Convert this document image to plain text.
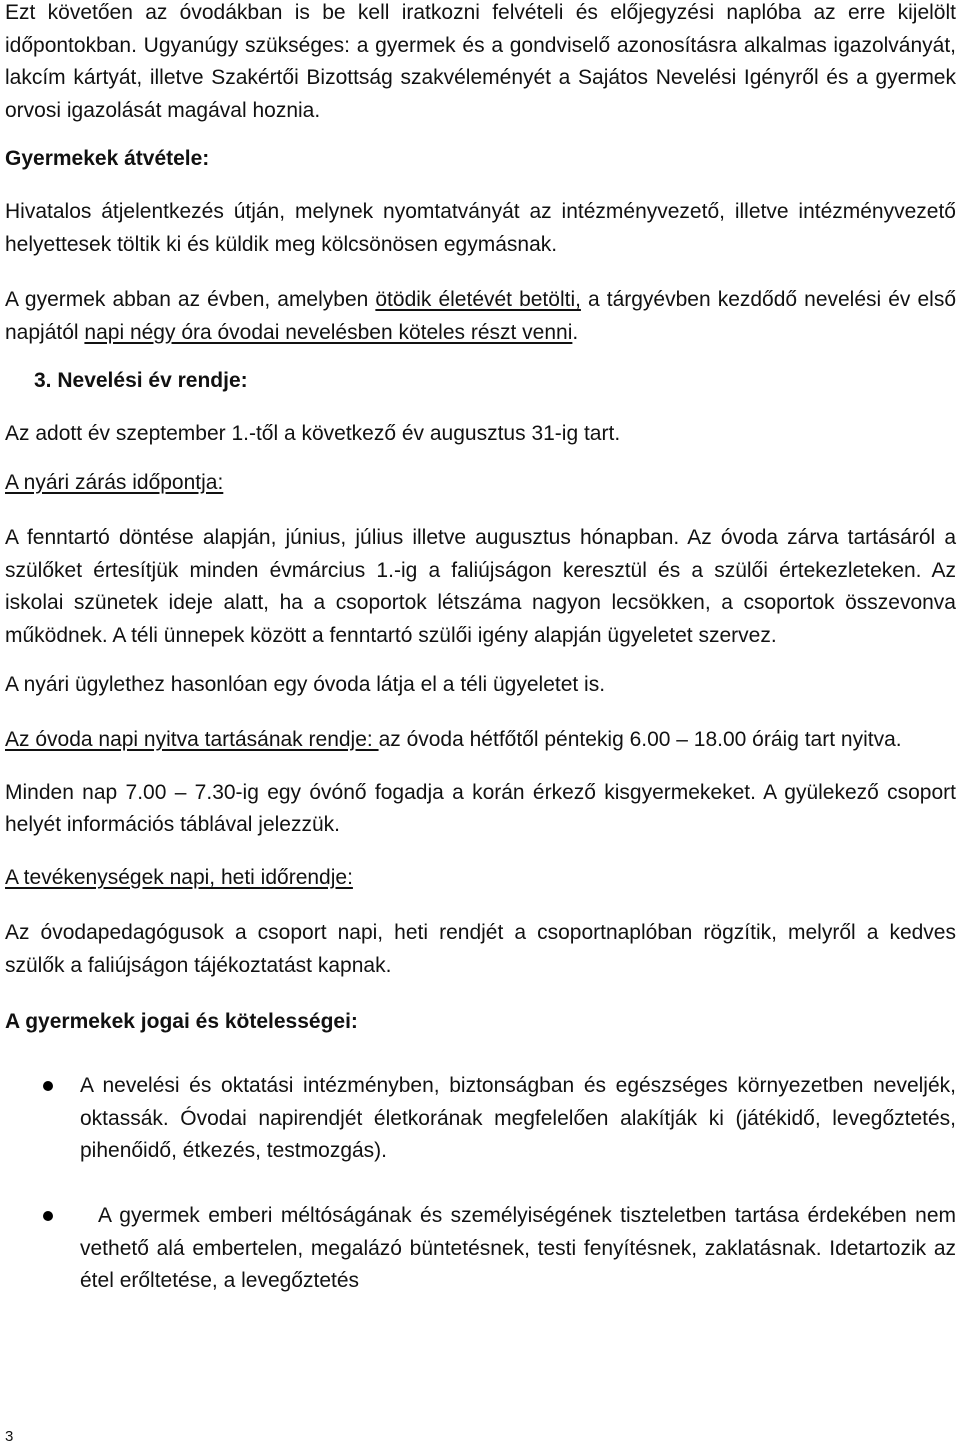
Ezt követően az óvodákban is be kell iratkozni felvételi és előjegyzési naplóba az erre kijelölt időpontokban. Ugyanúgy szükséges: a gyermek és a gondviselő azonosításra alkalmas igazolványát, lakcím kártyát, illetve Szakértői Bizottság szakvéleményét a Sajátos Nevelési Igényről és a gyermek orvosi igazolását magával hoznia.

Gyermekek átvétele:

Hivatalos átjelentkezés útján, melynek nyomtatványát az intézményvezető, illetve intézményvezető helyettesek töltik ki és küldik meg kölcsönösen egymásnak.

A gyermek abban az évben, amelyben ötödik életévét betölti, a tárgyévben kezdődő nevelési év első napjától napi négy óra óvodai nevelésben köteles részt venni.

3. Nevelési év rendje:

Az adott év szeptember 1.-től a következő év augusztus 31-ig tart.

A nyári zárás időpontja:

A fenntartó döntése alapján, június, július illetve augusztus hónapban. Az óvoda zárva tartásáról a szülőket értesítjük minden évmárcius 1.-ig a faliújságon keresztül és a szülői értekezleteken. Az iskolai szünetek ideje alatt, ha a csoportok létszáma nagyon lecsökken, a csoportok összevonva működnek. A téli ünnepek között a fenntartó szülői igény alapján ügyeletet szervez.

A nyári ügylethez hasonlóan egy óvoda látja el a téli ügyeletet is.

Az óvoda napi nyitva tartásának rendje: az óvoda hétfőtől péntekig 6.00 – 18.00 óráig tart nyitva.

Minden nap 7.00 – 7.30-ig egy óvónő fogadja a korán érkező kisgyermekeket. A gyülekező csoport helyét információs táblával jelezzük.

A tevékenységek napi, heti időrendje:

Az óvodapedagógusok a csoport napi, heti rendjét a csoportnaplóban rögzítik, melyről a kedves szülők a faliújságon tájékoztatást kapnak.

A gyermekek jogai és kötelességei:

A nevelési és oktatási intézményben, biztonságban és egészséges környezetben neveljék, oktassák. Óvodai napirendjét életkorának megfelelően alakítják ki (játékidő, levegőztetés, pihenőidő, étkezés, testmozgás).
A gyermek emberi méltóságának és személyiségének tiszteletben tartása érdekében nem vethető alá embertelen, megalázó büntetésnek, testi fenyítésnek, zaklatásnak. Idetartozik az étel erőltetése, a levegőztetés
3
